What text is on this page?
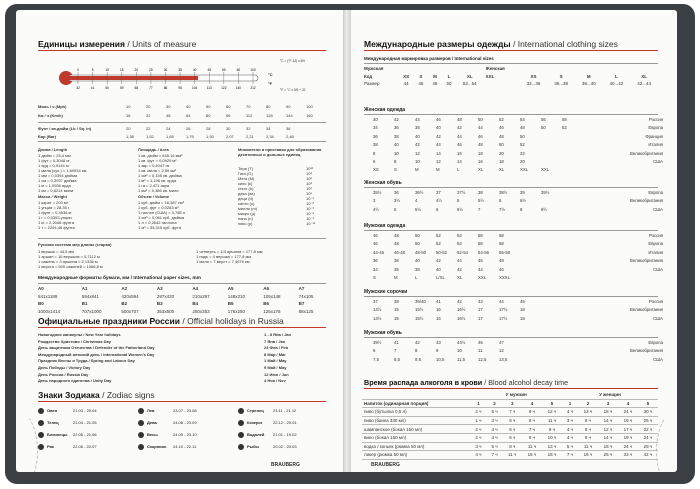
Единицы измерения / Units of measure
0
32
5
41
10
50
15
59
20
68
25
77
30
86
35
95
40
104
45
113
50
122
60
140
100
212
°C
°F
°C = (°F-32) x 5/9
°F = °C x 9/5 + 32
Русская система мер длины (старая)
Международные форматы бумаги, мм / International paper sizes, mm
Официальные праздники России / Official holidays in Russia
Знаки Зодиака / Zodiac signs
BRAUBERG
Миль / ч (Mph)	10	20	30	40	50	60	70	80	90	100
Км / ч (Km/h)	16	32	48	64	80	96	112	128	144	160
Фунт / кв.дюйм (Lb / Sq. in)	20	22	24	26	28	30	32	34	36
Бар (Bar)	1,38	1,52	1,65	1,79	1,93	2,07	2,21	2,34	2,48
Длина / Length
1 дюйм = 25,4 мм
1 фут = 0,3048 м
1 ярд = 0,9144 м
1 миля (сух.) = 1,60934 км
1 мм = 0,0394 дюйма
1 см = 0,3937 дюйма
1 м = 1,0936 ярда
1 км = 0,6214 мили
Масса / Weight
1 карат = 200 мг
1 унция = 28,35 г
1 фунт = 0,4536 кг
1 г = 0,0353 унции
1 кг = 2,2046 фунта
1 т = 2204,46 фунта
Площадь / Area
1 кв. дюйм = 645,16 мм²
1 кв. фут = 0,0929 м²
1 акр = 0,4047 га
1 кв. миля = 2,59 км²
1 см² = 0,155 кв. дюйма
1 м² = 1,196 кв. ярда
1 га = 2,471 акра
1 км² = 0,386 кв. мили
Объем / Volume
1 куб. дюйм = 16,387 см³
1 куб. фут = 0,0283 м³
1 галлон (США) = 3,785 л
1 см³ = 0,061 куб. дюйма
1 л = 0,2642 галлона
1 м³ = 35,315 куб. фута
Множители и приставки для образования десятичных и дольных единиц
Тера (T)	10¹²
Гига (G)	10⁹
Мега (M)	10⁶
кило (k)	10³
гекто (h)	10²
дека (da)	10¹
деци (d)	10⁻¹
санти (c)	10⁻²
милли (m)	10⁻³
микро (µ)	10⁻⁶
нано (n)	10⁻⁹
пико (p)	10⁻¹²
1 вершок = 44,5 мм
1 аршин = 16 вершков = 0,7112 м
1 сажень = 3 аршина = 2,1336 м
1 верста = 500 саженей = 1066,8 м
1 четверть = 1/4 аршина = 177,8 мм
1 пядь = 4 вершка = 177,8 мм
1 миля = 7 верст = 7,4676 км
A0	A1	A2	A3	A4	A5	A6	A7
841x1189	594x841	420x594	297x420	210x297	148x210	105x148	74x105
B0	B1	B2	B3	B4	B5	B6	B7
1000x1414	707x1000	500x707	353x500	250x353	176x250	125x176	88x125
Новогодние каникулы / New Year holidays	1 - 8 Янв / Jan
Рождество Христово / Christmas Day	7 Янв / Jan
День защитника Отечества / Defender of the Fatherland Day	23 Фев / Feb
Международный женский день / International Women's Day	8 Мар / Mar
Праздник Весны и Труда / Spring and Labour Day	1 Май / May
День Победы / Victory Day	9 Май / May
День России / Russia Day	12 Июн / Jun
День народного единства / Unity Day	4 Ноя / Nov
Овен	21.03 - 20.04	Лев	23.07 - 23.08	Стрелец 23.11 - 21.12
Телец	21.04 - 21.05	Дева	24.08 - 23.09	Козерог	22.12 - 20.01
Близнецы 22.05 - 21.06	Весы	24.09 - 23.10	Водолей 21.01 - 19.02
Рак	22.06 - 22.07	Скорпион 24.10 - 22.11	Рыбы	20.02 - 20.03
Международные размеры одежды / International clothing sizes
Международная маркировка размеров / International sizes
Время распада алкоголя в крови / Blood alcohol decay time
BRAUBERG
Мужская						Женская					
Код	XS	S	M	L	XL	XXL	XS	S	M	L	XL
Размер	44	46	48	50	52...54		32...36	36...38	38...40	40...42	42...44
Женская одежда
40	42	44	46	48	50	52	54	56	58	Россия
34	36	38	40	42	44	46	48	50	52	Европа
36	38	40	42	44	46	48	50	Франция
38	40	42	44	46	48	50	52	Италия
8	10	12	14	16	18	20	22	Великобритания
6	8	10	12	14	16	18	20	США
XS	S	M	M	L	XL	XL	XXL	XXL
Женская обувь
35½	36	36½	37	37½	38	38½	39	39½	Европа
3	3½	4	4½	5	5½	6	6½	Великобритания
4½	5	5½	6	6½	7	7½	8	8½	США
Мужская одежда
46	48	50	52	54	56	58	Россия
46	48	50	52	54	56	58	Европа
44-46 46-48 48-50 50-52 52-54 54-56 56-58	Италия
36	38	40	42	44	46	48	Великобритания
34	35	38	40	42	44	46	США
S	M	L	L/XL	XL	XXL	XXXL
Мужские сорочки
37	38	39/40 41	42	43	44	45	Россия
14½	15	15½	16	16½	17	17½	18	Великобритания
14½	15	15½	16	16½	17	17½	18	США
Мужская обувь
39½	41	42	43	44½	46	47	Европа
6	7	8	9	10	11	12	Великобритания
7,5	8,5	9,5	10,5	11,5	12,5	13,5	США
	У мужчин					У женщин				
Напиток (одинарная порция)	1	2	3	4	5	1	2	3	4	5
пиво (бутылка 0,5 л)	2 ч	5 ч	7 ч	9 ч	12 ч	4 ч	12 ч	18 ч	24 ч	30 ч
пиво (банка 330 мл)	1 ч	3 ч	6 ч	8 ч	11 ч	3 ч	8 ч	14 ч	19 ч	25 ч
шампанское (бокал 150 мл)	2 ч	4 ч	6 ч	7 ч	9 ч	4 ч	8 ч	12 ч	17 ч	22 ч
вино (бокал 150 мл)	2 ч	4 ч	6 ч	9 ч	10 ч	4 ч	9 ч	14 ч	19 ч	24 ч
водка / коньяк (рюмка 50 мл)	3 ч	5 ч	8 ч	11 ч	13 ч	5 ч	11 ч	18 ч	24 ч	29 ч
ликер (рюмка 50 мл)	4 ч	7 ч	11 ч	15 ч	18 ч	7 ч	16 ч	25 ч	33 ч	42 ч
